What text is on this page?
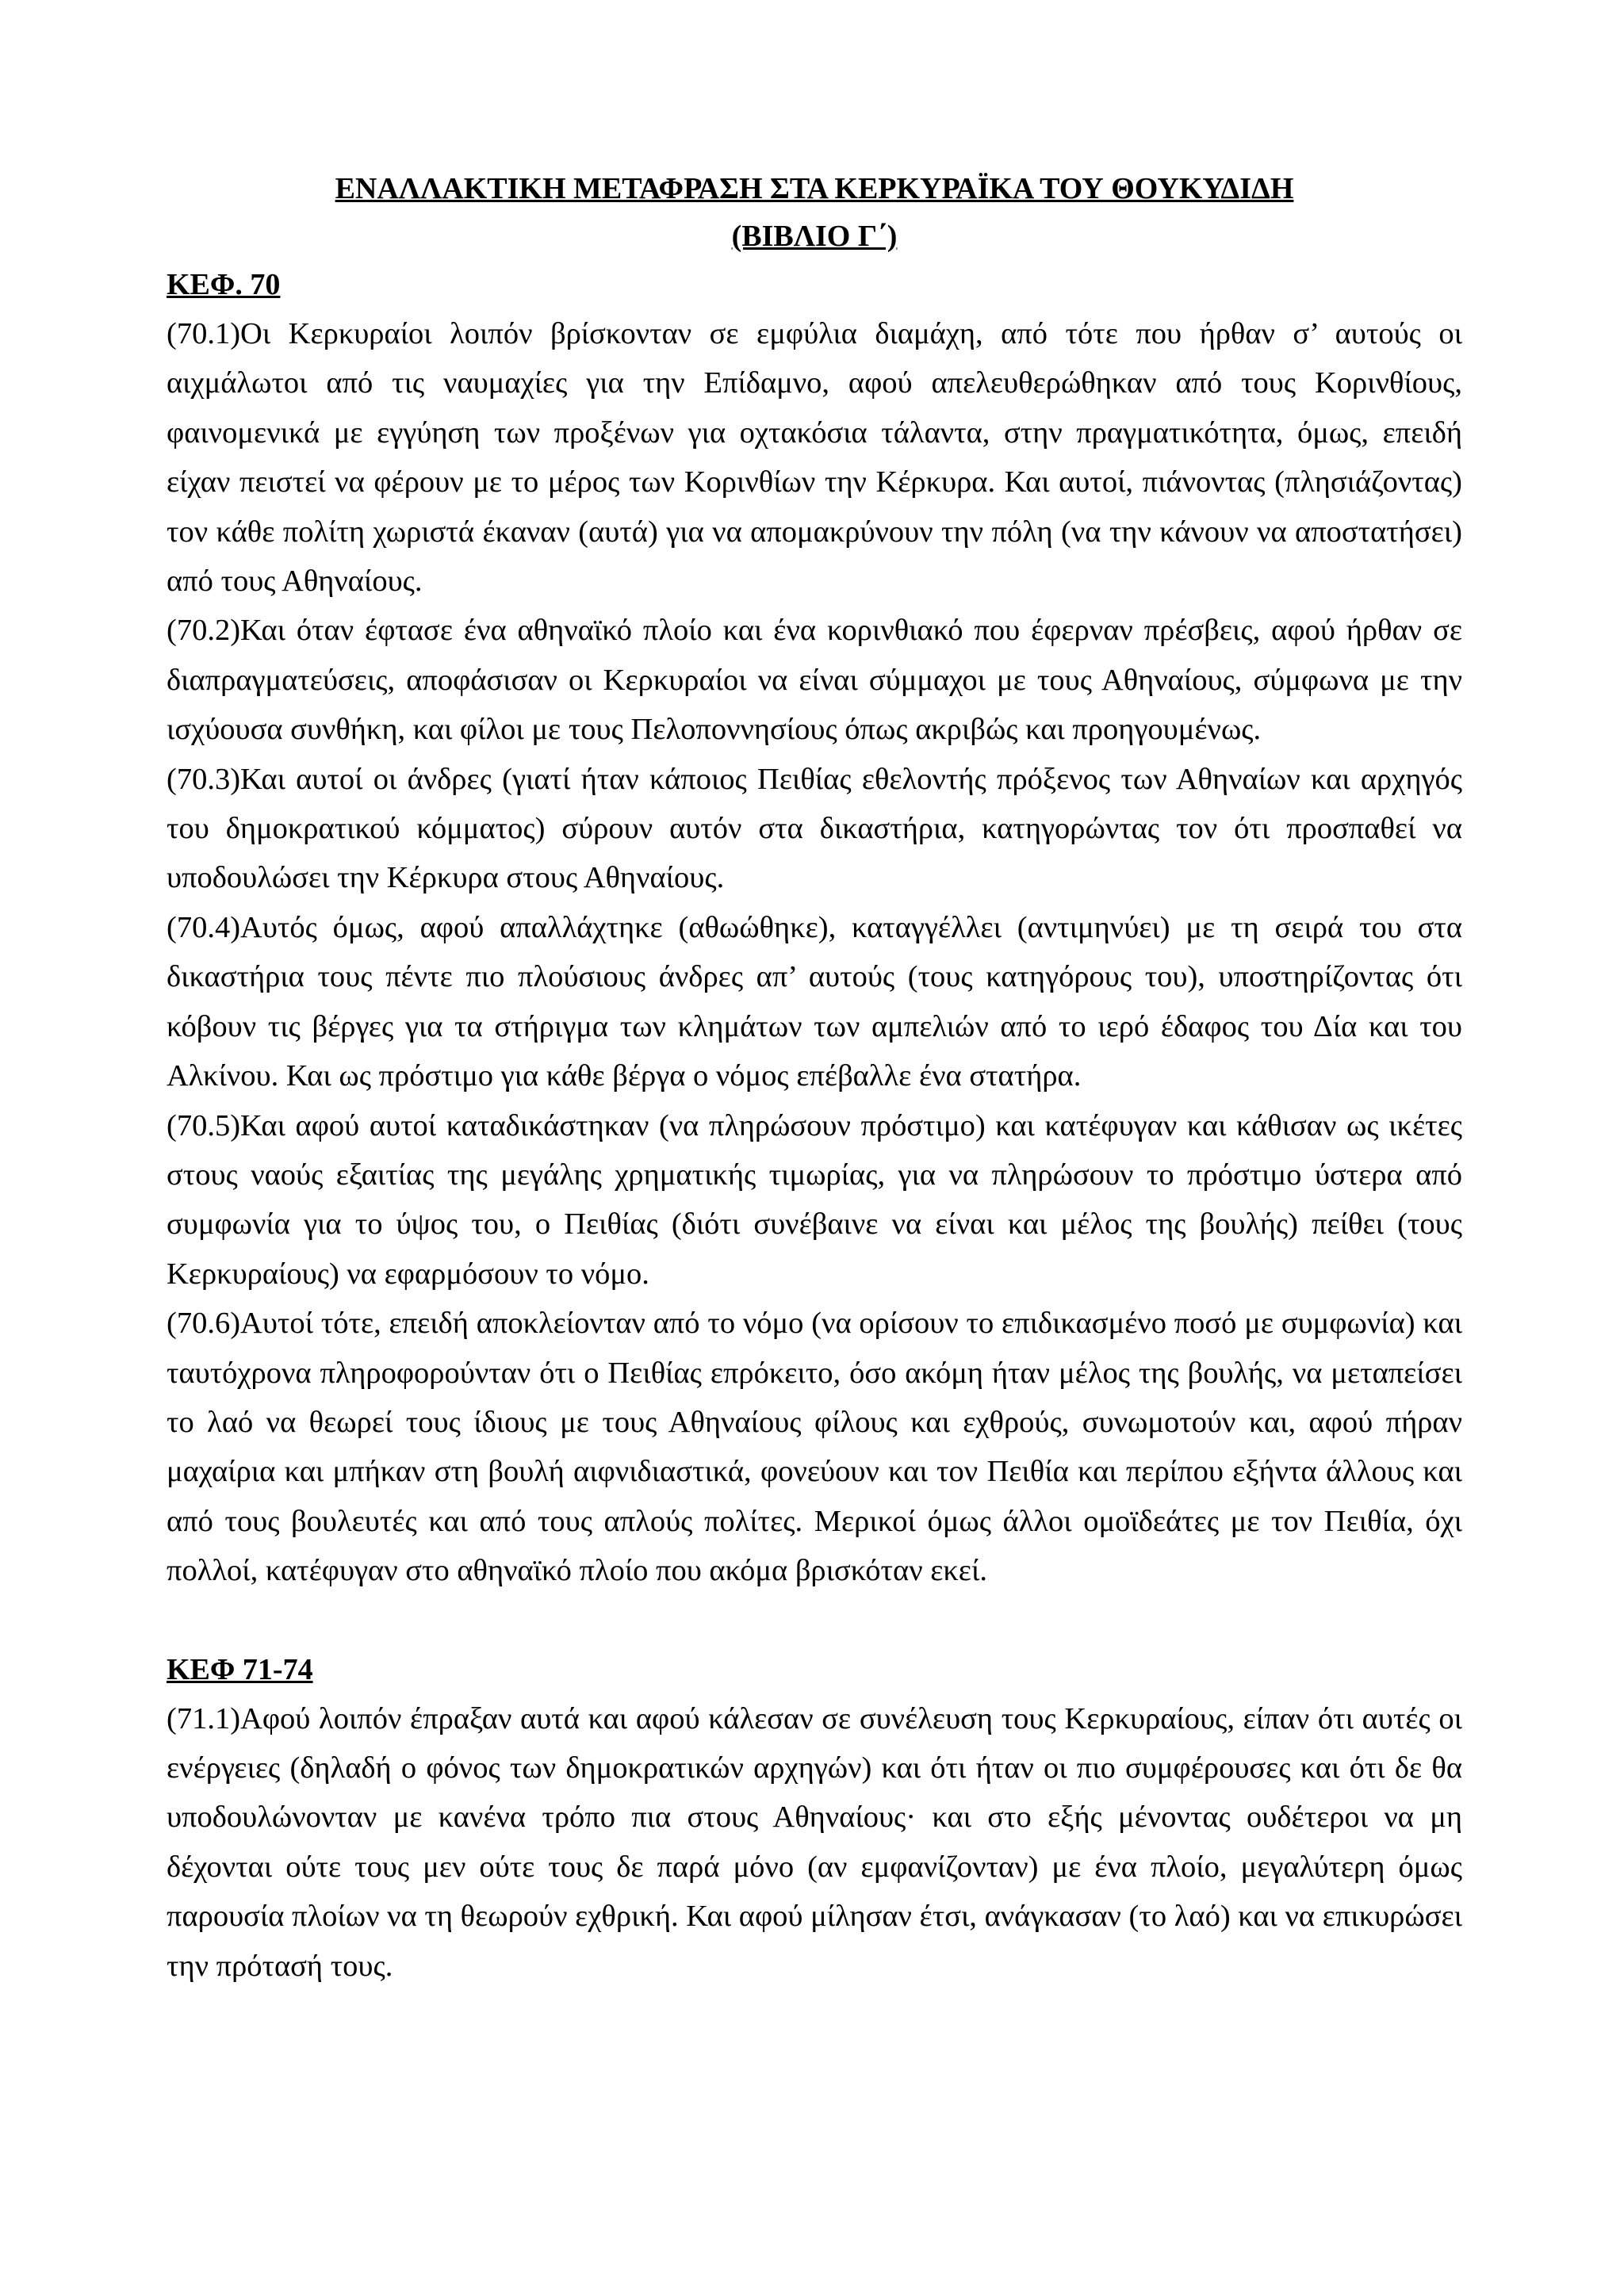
ΕΝΑΛΛΑΚΤΙΚΗ ΜΕΤΑΦΡΑΣΗ ΣΤΑ ΚΕΡΚΥΡΑΪΚΑ ΤΟΥ ΘΟΥΚΥΔΙΔΗ

(ΒΙΒΛΙΟ Γ΄)

ΚΕΦ. 70

(70.1)Οι Κερκυραίοι λοιπόν βρίσκονταν σε εμφύλια διαμάχη, από τότε που ήρθαν σ’ αυτούς οι αιχμάλωτοι από τις ναυμαχίες για την Επίδαμνο, αφού απελευθερώθηκαν από τους Κορινθίους, φαινομενικά με εγγύηση των προξένων για οχτακόσια τάλαντα, στην πραγματικότητα, όμως, επειδή είχαν πειστεί να φέρουν με το μέρος των Κορινθίων την Κέρκυρα. Και αυτοί, πιάνοντας (πλησιάζοντας) τον κάθε πολίτη χωριστά έκαναν (αυτά) για να απομακρύνουν την πόλη (να την κάνουν να αποστατήσει) από τους Αθηναίους.

(70.2)Και όταν έφτασε ένα αθηναϊκό πλοίο και ένα κορινθιακό που έφερναν πρέσβεις, αφού ήρθαν σε διαπραγματεύσεις, αποφάσισαν οι Κερκυραίοι να είναι σύμμαχοι με τους Αθηναίους, σύμφωνα με την ισχύουσα συνθήκη, και φίλοι με τους Πελοποννησίους όπως ακριβώς και προηγουμένως.

(70.3)Και αυτοί οι άνδρες (γιατί ήταν κάποιος Πειθίας εθελοντής πρόξενος των Αθηναίων και αρχηγός του δημοκρατικού κόμματος) σύρουν αυτόν στα δικαστήρια, κατηγορώντας τον ότι προσπαθεί να υποδουλώσει την Κέρκυρα στους Αθηναίους.

(70.4)Αυτός όμως, αφού απαλλάχτηκε (αθωώθηκε), καταγγέλλει (αντιμηνύει) με τη σειρά του στα δικαστήρια τους πέντε πιο πλούσιους άνδρες απ’ αυτούς (τους κατηγόρους του), υποστηρίζοντας ότι κόβουν τις βέργες για τα στήριγμα των κλημάτων των αμπελιών από το ιερό έδαφος του Δία και του Αλκίνου. Και ως πρόστιμο για κάθε βέργα ο νόμος επέβαλλε ένα στατήρα.

(70.5)Και αφού αυτοί καταδικάστηκαν (να πληρώσουν πρόστιμο) και κατέφυγαν και κάθισαν ως ικέτες στους ναούς εξαιτίας της μεγάλης χρηματικής τιμωρίας, για να πληρώσουν το πρόστιμο ύστερα από συμφωνία για το ύψος του, ο Πειθίας (διότι συνέβαινε να είναι και μέλος της βουλής) πείθει (τους Κερκυραίους) να εφαρμόσουν το νόμο.

(70.6)Αυτοί τότε, επειδή αποκλείονταν από το νόμο (να ορίσουν το επιδικασμένο ποσό με συμφωνία) και ταυτόχρονα πληροφορούνταν ότι ο Πειθίας επρόκειτο, όσο ακόμη ήταν μέλος της βουλής, να μεταπείσει το λαό να θεωρεί τους ίδιους με τους Αθηναίους φίλους και εχθρούς, συνωμοτούν και, αφού πήραν μαχαίρια και μπήκαν στη βουλή αιφνιδιαστικά, φονεύουν και τον Πειθία και περίπου εξήντα άλλους και από τους βουλευτές και από τους απλούς πολίτες. Μερικοί όμως άλλοι ομοϊδεάτες με τον Πειθία, όχι πολλοί, κατέφυγαν στο αθηναϊκό πλοίο που ακόμα βρισκόταν εκεί.

ΚΕΦ 71-74

(71.1)Αφού λοιπόν έπραξαν αυτά και αφού κάλεσαν σε συνέλευση τους Κερκυραίους, είπαν ότι αυτές οι ενέργειες (δηλαδή ο φόνος των δημοκρατικών αρχηγών) και ότι ήταν οι πιο συμφέρουσες και ότι δε θα υποδουλώνονταν με κανένα τρόπο πια στους Αθηναίους· και στο εξής μένοντας ουδέτεροι να μη δέχονται ούτε τους μεν ούτε τους δε παρά μόνο (αν εμφανίζονταν) με ένα πλοίο, μεγαλύτερη όμως παρουσία πλοίων να τη θεωρούν εχθρική. Και αφού μίλησαν έτσι, ανάγκασαν (το λαό) και να επικυρώσει την πρότασή τους.
